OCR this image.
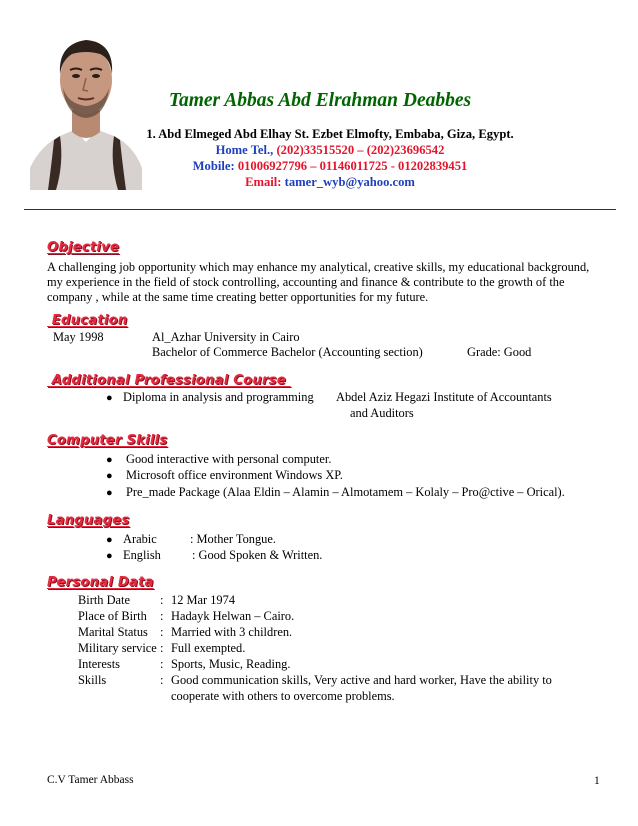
Tamer Abbas Abd Elrahman Deabbes
1. Abd Elmeged Abd Elhay St. Ezbet Elmofty, Embaba, Giza, Egypt.
Home Tel., (202)33515520 – (202)23696542
Mobile: 01006927796 – 01146011725 - 01202839451
Email: tamer_wyb@yahoo.com
Objective
A challenging job opportunity which may enhance my analytical, creative skills, my educational background,
my experience in the field of stock controlling, accounting and finance & contribute to the growth of the
company , while at the same time creating better opportunities for my future.
Education
May 1998	Al_Azhar University in Cairo
Bachelor of Commerce Bachelor (Accounting section)	Grade: Good
Additional Professional Course
● Diploma in analysis and programming Abdel Aziz Hegazi Institute of Accountants
and Auditors
Computer Skills
● Good interactive with personal computer.
● Microsoft office environment Windows XP.
● Pre_made Package (Alaa Eldin – Alamin – Almotamem – Kolaly – Pro@ctive – Orical).
Languages
● Arabic	: Mother Tongue.
● English	: Good Spoken & Written.
Personal Data
Birth Date : 12 Mar 1974
Place of Birth : Hadayk Helwan – Cairo.
Marital Status : Married with 3 children.
Military service : Full exempted.
Interests	: Sports, Music, Reading.
Skills	: Good communication skills, Very active and hard worker, Have the ability to
cooperate with others to overcome problems.
C.V Tamer Abbass	1
